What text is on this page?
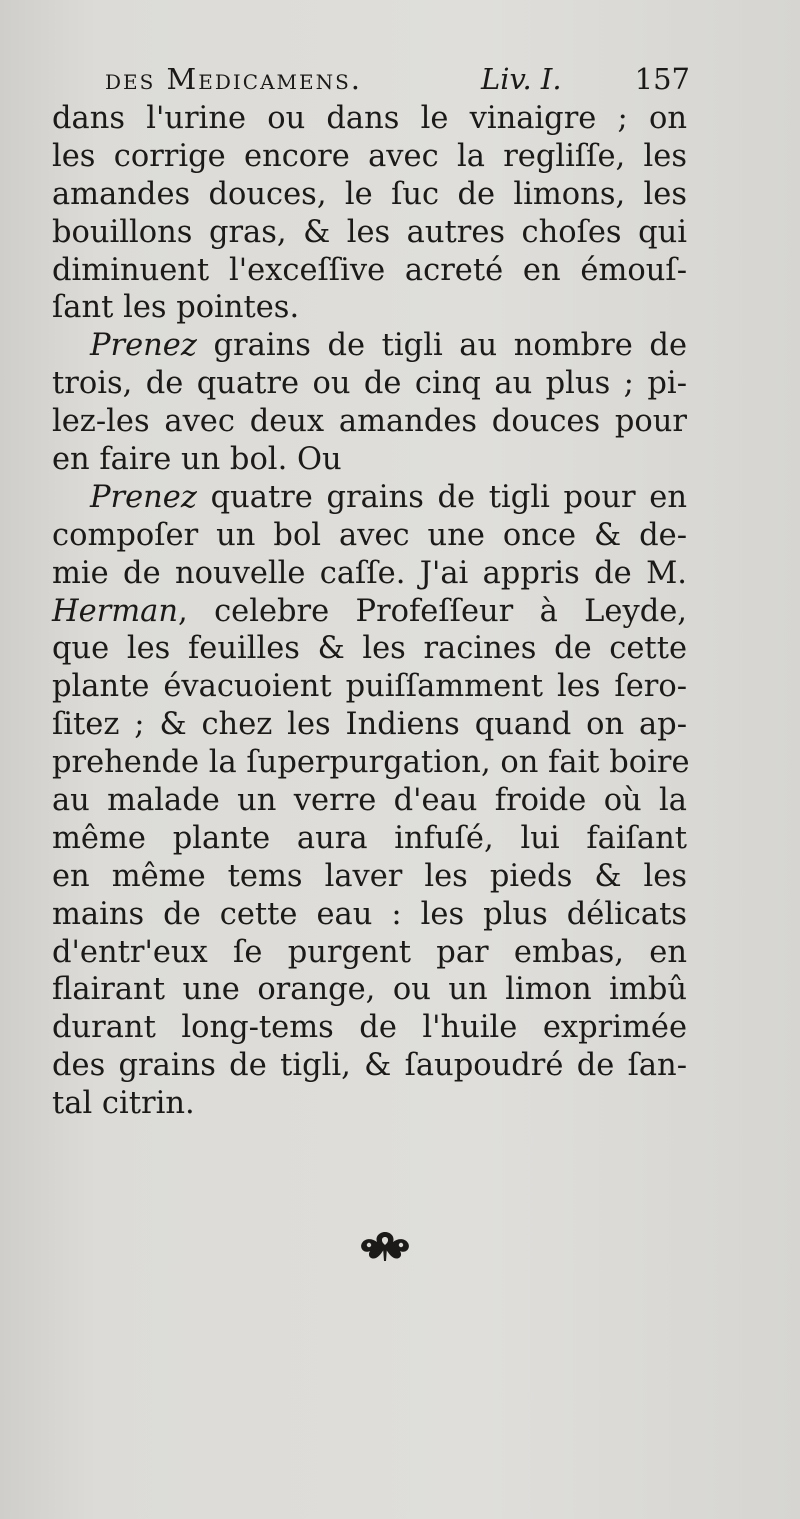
des Medicamens.	Liv. I.	157
dans l'urine ou dans le vinaigre ; on
les corrige encore avec la regliſſe, les
amandes douces, le ſuc de limons, les
bouillons gras, & les autres choſes qui
diminuent l'exceſſive acreté en émouſ-
ſant les pointes.
Prenez grains de tigli au nombre de
trois, de quatre ou de cinq au plus ; pi-
lez-les avec deux amandes douces pour
en faire un bol. Ou
Prenez quatre grains de tigli pour en
compoſer un bol avec une once & de-
mie de nouvelle caſſe. J'ai appris de M.
Herman, celebre Profeſſeur à Leyde,
que les feuilles & les racines de cette
plante évacuoient puiſſamment les ſero-
ſitez ; & chez les Indiens quand on ap-
prehende la ſuperpurgation, on fait boire
au malade un verre d'eau froide où la
même plante aura infuſé, lui faiſant
en même tems laver les pieds & les
mains de cette eau : les plus délicats
d'entr'eux ſe purgent par embas, en
flairant une orange, ou un limon imbû
durant long-tems de l'huile exprimée
des grains de tigli, & ſaupoudré de ſan-
tal citrin.
